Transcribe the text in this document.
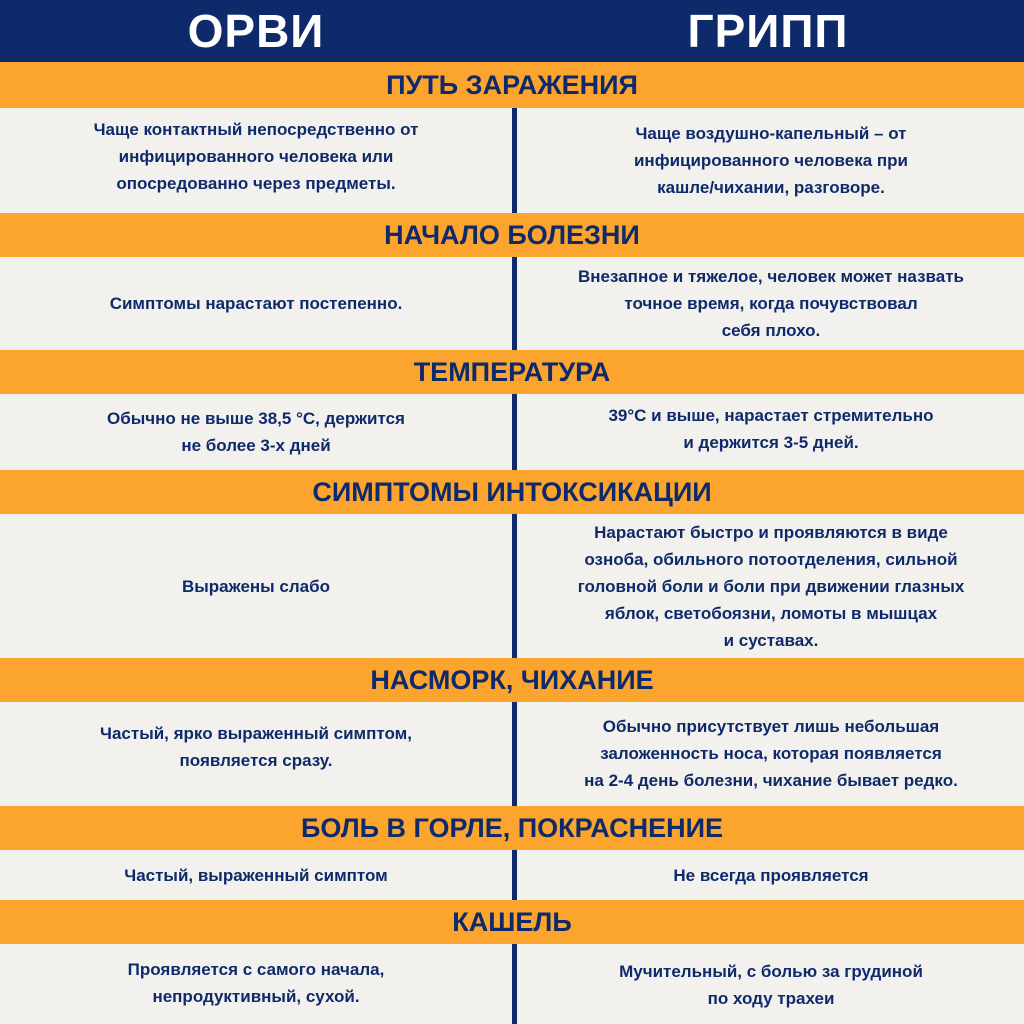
ОРВИ	ГРИПП
ПУТЬ ЗАРАЖЕНИЯ
Чаще контактный непосредственно от
инфицированного человека или
опосредованно через предметы.
Чаще воздушно-капельный – от
инфицированного человека при
кашле/чихании, разговоре.
НАЧАЛО БОЛЕЗНИ
Симптомы нарастают постепенно.
Внезапное и тяжелое, человек может назвать
точное время, когда почувствовал
себя плохо.
ТЕМПЕРАТУРА
Обычно не выше 38,5 °С, держится
не более 3-х дней
39°С и выше, нарастает стремительно
и держится 3-5 дней.
СИМПТОМЫ ИНТОКСИКАЦИИ
Выражены слабо
Нарастают быстро и проявляются в виде
озноба, обильного потоотделения, сильной
головной боли и боли при движении глазных
яблок, светобоязни, ломоты в мышцах
и суставах.
НАСМОРК, ЧИХАНИЕ
Частый, ярко выраженный симптом,
появляется сразу.
Обычно присутствует лишь небольшая
заложенность носа, которая появляется
на 2-4 день болезни, чихание бывает редко.
БОЛЬ В ГОРЛЕ, ПОКРАСНЕНИЕ
Частый, выраженный симптом	Не всегда проявляется
КАШЕЛЬ
Проявляется с самого начала,
непродуктивный, сухой.
Мучительный, с болью за грудиной
по ходу трахеи
